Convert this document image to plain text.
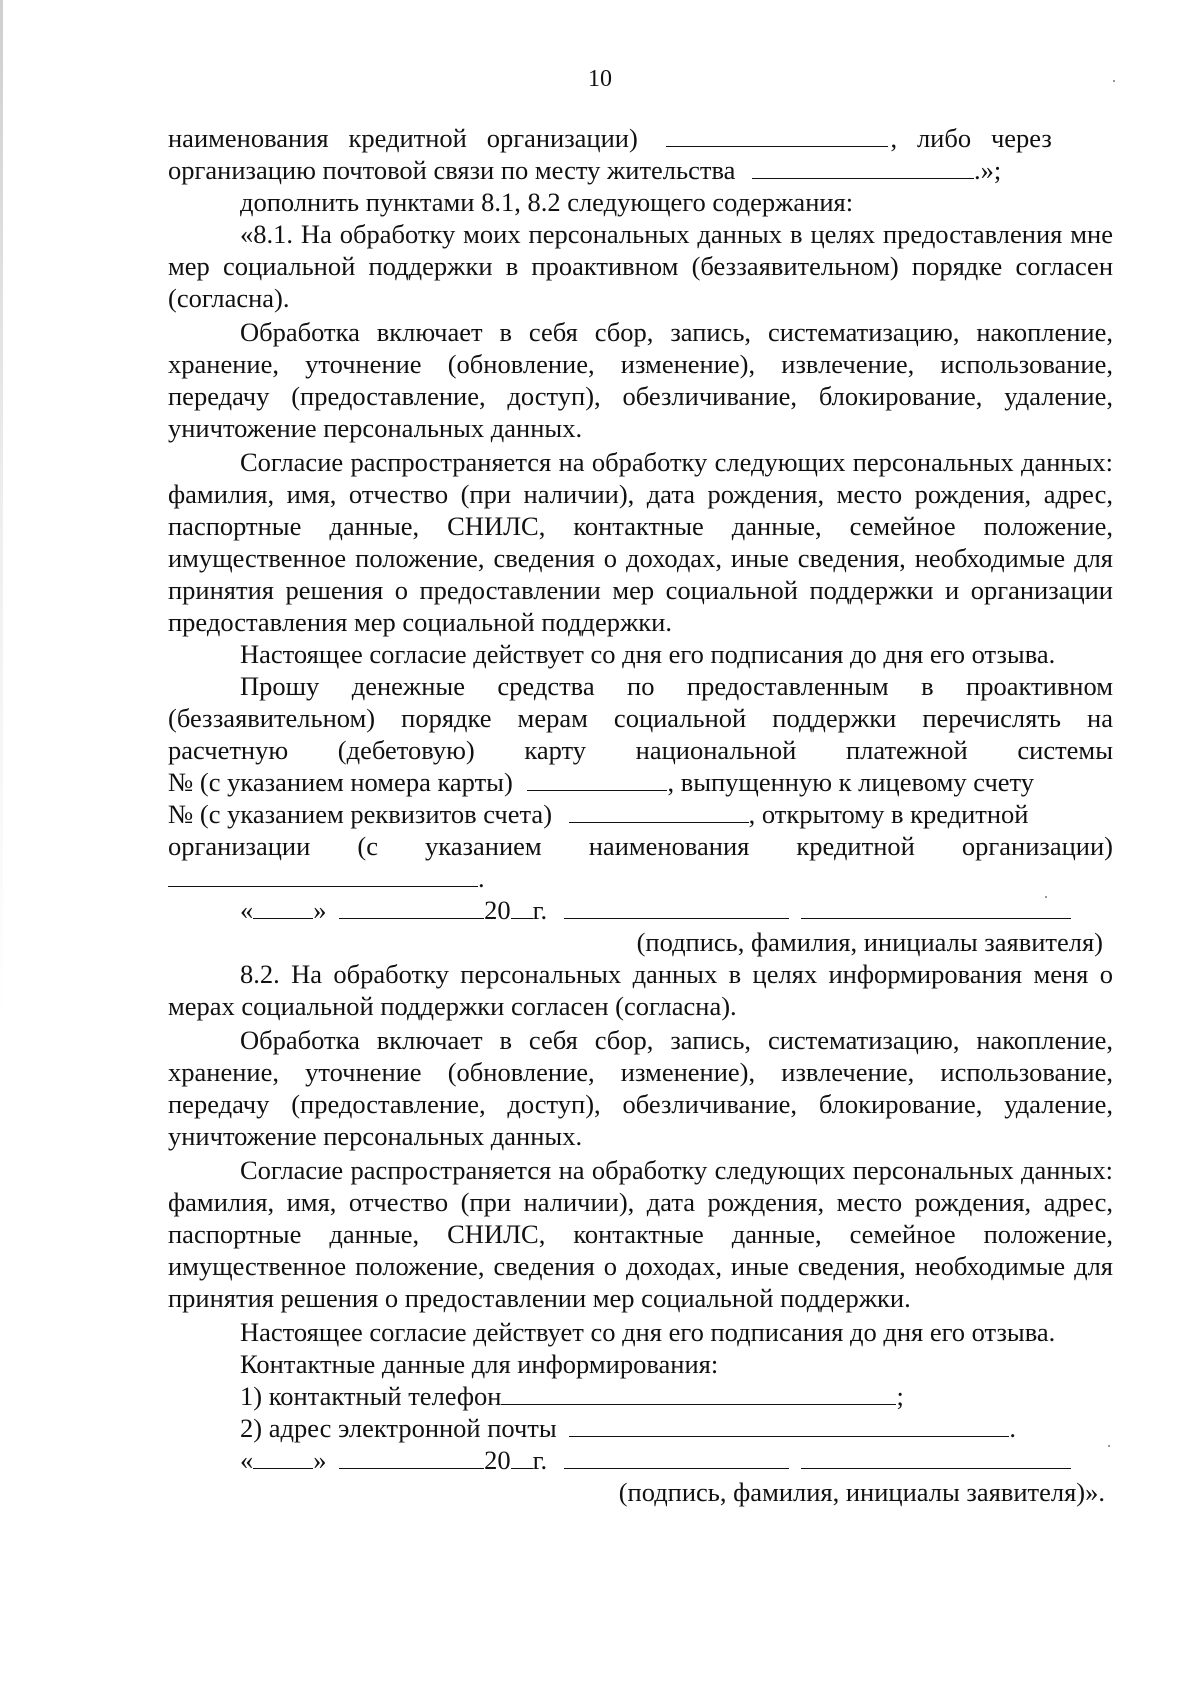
10

наименования   кредитной   организации)	,   либо   через

организацию почтовой связи по месту жительства	.»;

дополнить пунктами 8.1, 8.2 следующего содержания:

«8.1. На обработку моих персональных данных в целях предоставления мне мер социальной поддержки в проактивном (беззаявительном) порядке согласен (согласна).

Обработка включает в себя сбор, запись, систематизацию, накопление, хранение, уточнение (обновление, изменение), извлечение, использование, передачу (предоставление, доступ), обезличивание, блокирование, удаление, уничтожение персональных данных.

Согласие распространяется на обработку следующих персональных данных: фамилия, имя, отчество (при наличии), дата рождения, место рождения, адрес, паспортные данные, СНИЛС, контактные данные, семейное положение, имущественное положение, сведения о доходах, иные сведения, необходимые для принятия решения о предоставлении мер социальной поддержки и организации предоставления мер социальной поддержки.

Настоящее согласие действует со дня его подписания до дня его отзыва.

Прошу денежные средства по предоставленным в проактивном (беззаявительном) порядке мерам социальной поддержки перечислять на расчетную (дебетовую) карту национальной платежной системы

№ (с указанием номера карты)	, выпущенную к лицевому счету

№ (с указанием реквизитов счета)	, открытому в кредитной

организации (с указанием наименования кредитной организации)

.

« »	20 г.

(подпись, фамилия, инициалы заявителя)

8.2. На обработку персональных данных в целях информирования меня о мерах социальной поддержки согласен (согласна).

Обработка включает в себя сбор, запись, систематизацию, накопление, хранение, уточнение (обновление, изменение), извлечение, использование, передачу (предоставление, доступ), обезличивание, блокирование, удаление, уничтожение персональных данных.

Согласие распространяется на обработку следующих персональных данных: фамилия, имя, отчество (при наличии), дата рождения, место рождения, адрес, паспортные данные, СНИЛС, контактные данные, семейное положение, имущественное положение, сведения о доходах, иные сведения, необходимые для принятия решения о предоставлении мер социальной поддержки.

Настоящее согласие действует со дня его подписания до дня его отзыва.

Контактные данные для информирования:

1) контактный телефон	;

2) адрес электронной почты	.

« »	20 г.

(подпись, фамилия, инициалы заявителя)».
